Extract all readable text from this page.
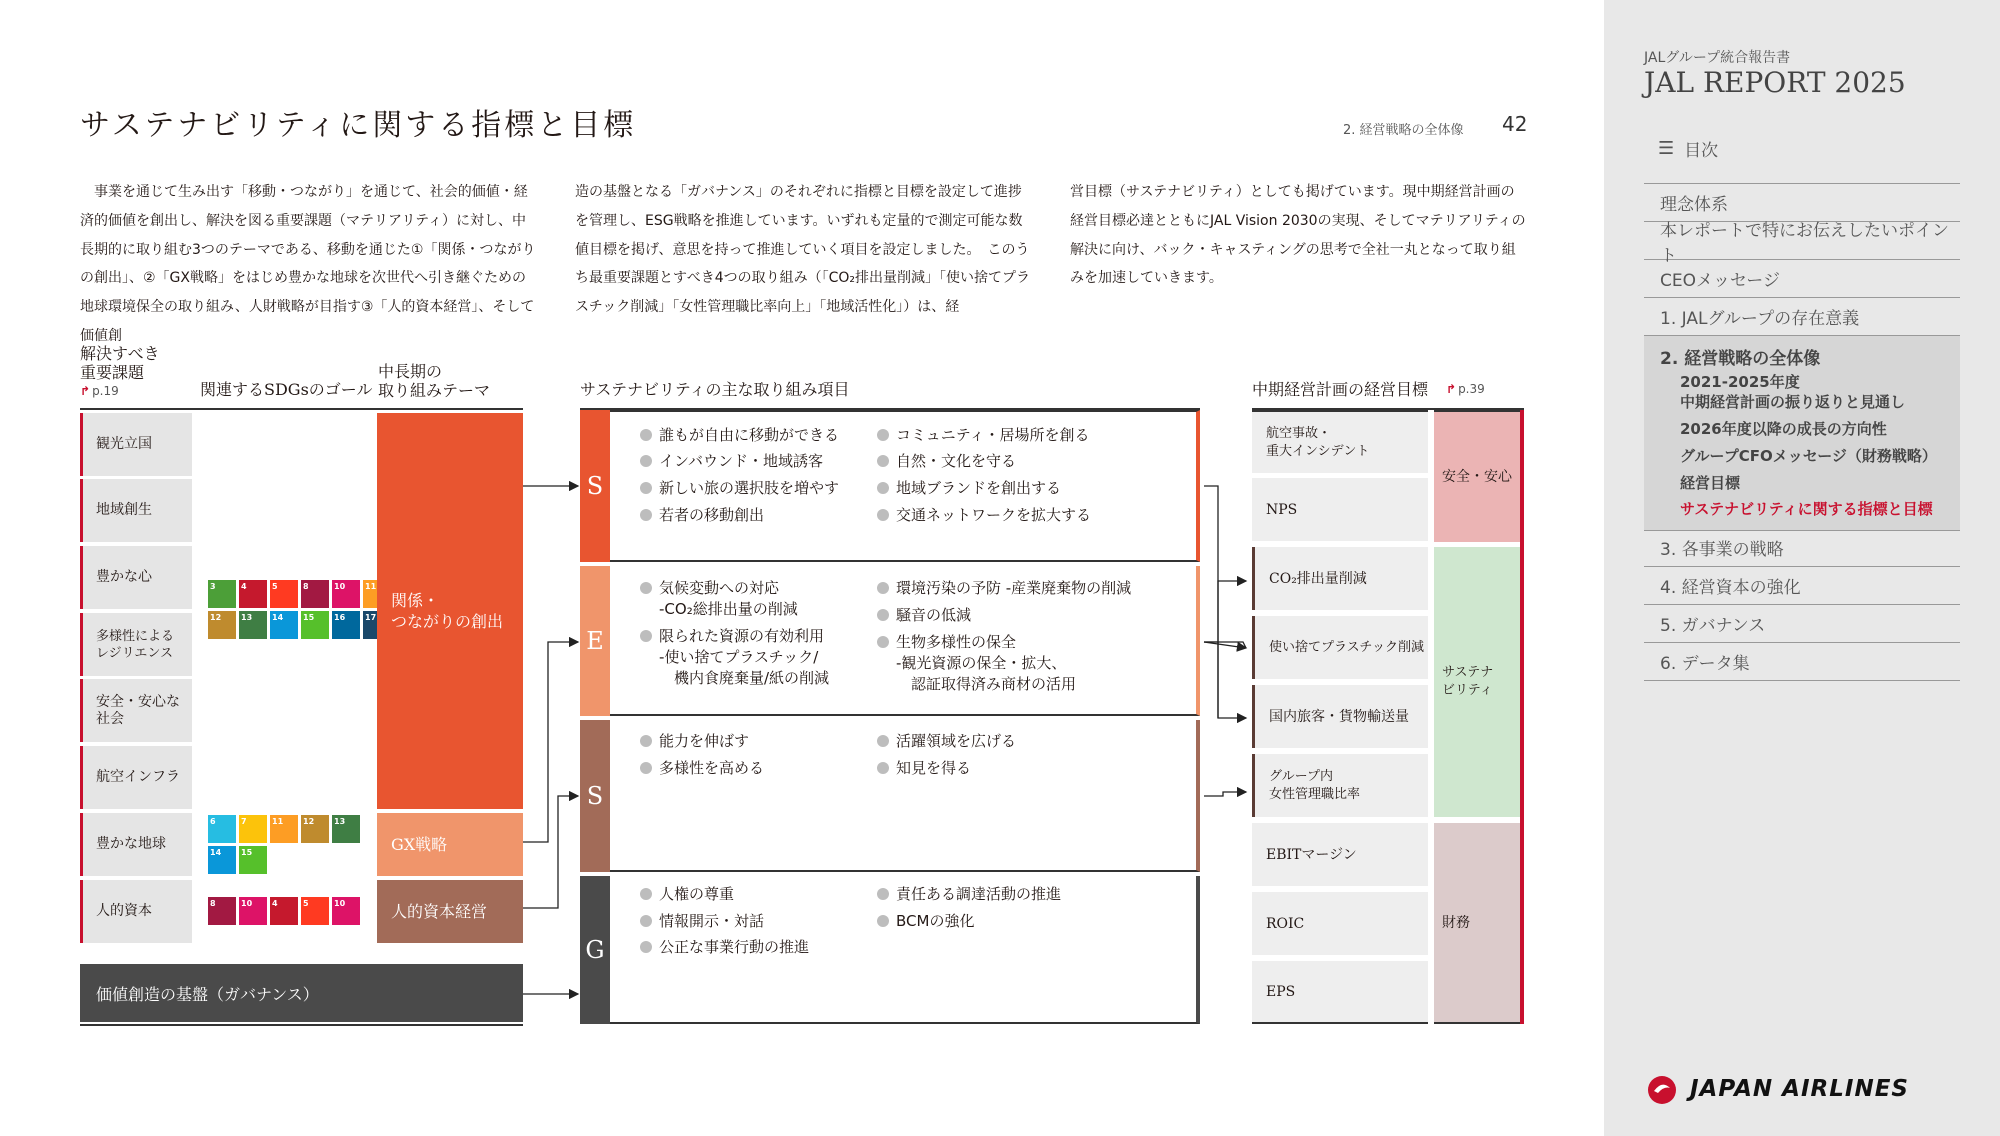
サステナビリティに関する指標と目標	2. 経営戦略の全体像 42
事業を通じて生み出す「移動・つながり」を通じて、社会的価値・経済的価値を創出し、解決を図る重要課題（マテリアリティ）に対し、中長期的に取り組む3つのテーマである、移動を通じた①「関係・つながりの創出」、②「GX戦略」をはじめ豊かな地球を次世代へ引き継ぐための地球環境保全の取り組み、人財戦略が目指す③「人的資本経営」、そして価値創
造の基盤となる「ガバナンス」のそれぞれに指標と目標を設定して進捗を管理し、ESG戦略を推進しています。いずれも定量的で測定可能な数値目標を掲げ、意思を持って推進していく項目を設定しました。　このうち最重要課題とすべき4つの取り組み（「CO₂排出量削減」「使い捨てプラスチック削減」「女性管理職比率向上」「地域活性化」）は、経
営目標（サステナビリティ）としても掲げています。現中期経営計画の経営目標必達とともにJAL Vision 2030の実現、そしてマテリアリティの解決に向け、バック・キャスティングの思考で全社一丸となって取り組みを加速していきます。
解決すべき
重要課題
↱ p.19	関連するSDGsのゴール
中長期の
取り組みテーマ	サステナビリティの主な取り組み項目	中期経営計画の経営目標 ↱ p.39
観光立国
地域創生
豊かな心
多様性による
レジリエンス
安全・安心な
社会
航空インフラ
豊かな地球
人的資本
3	4	5	8	10	11
12	13	14	15	16	17
6	7	11	12	13
14	15
8	10	4	5	10
関係・
つながりの創出
GX戦略
人的資本経営
価値創造の基盤（ガバナンス）
S
誰もが自由に移動ができる
インバウンド・地域誘客
新しい旅の選択肢を増やす
若者の移動創出
コミュニティ・居場所を創る
自然・文化を守る
地域ブランドを創出する
交通ネットワークを拡大する
E
気候変動への対応
-CO₂総排出量の削減
限られた資源の有効利用
-使い捨てプラスチック/
　機内食廃棄量/紙の削減
環境汚染の予防 -産業廃棄物の削減
騒音の低減
生物多様性の保全
-観光資源の保全・拡大、
　認証取得済み商材の活用
S
能力を伸ばす
多様性を高める
活躍領域を広げる
知見を得る
G
人権の尊重
情報開示・対話
公正な事業行動の推進
責任ある調達活動の推進
BCMの強化
航空事故・
重大インシデント
NPS
CO₂排出量削減
使い捨てプラスチック削減
国内旅客・貨物輸送量
グループ内
女性管理職比率
EBITマージン
ROIC
EPS
安全・安心
サステナ
ビリティ
財務
JALグループ統合報告書
JAL REPORT 2025
☰ 目次
理念体系
本レポートで特にお伝えしたいポイント
CEOメッセージ
1. JALグループの存在意義
2. 経営戦略の全体像
2021-2025年度
中期経営計画の振り返りと見通し
2026年度以降の成長の方向性
グループCFOメッセージ（財務戦略）
経営目標
サステナビリティに関する指標と目標
3. 各事業の戦略
4. 経営資本の強化
5. ガバナンス
6. データ集
JAPAN AIRLINES
